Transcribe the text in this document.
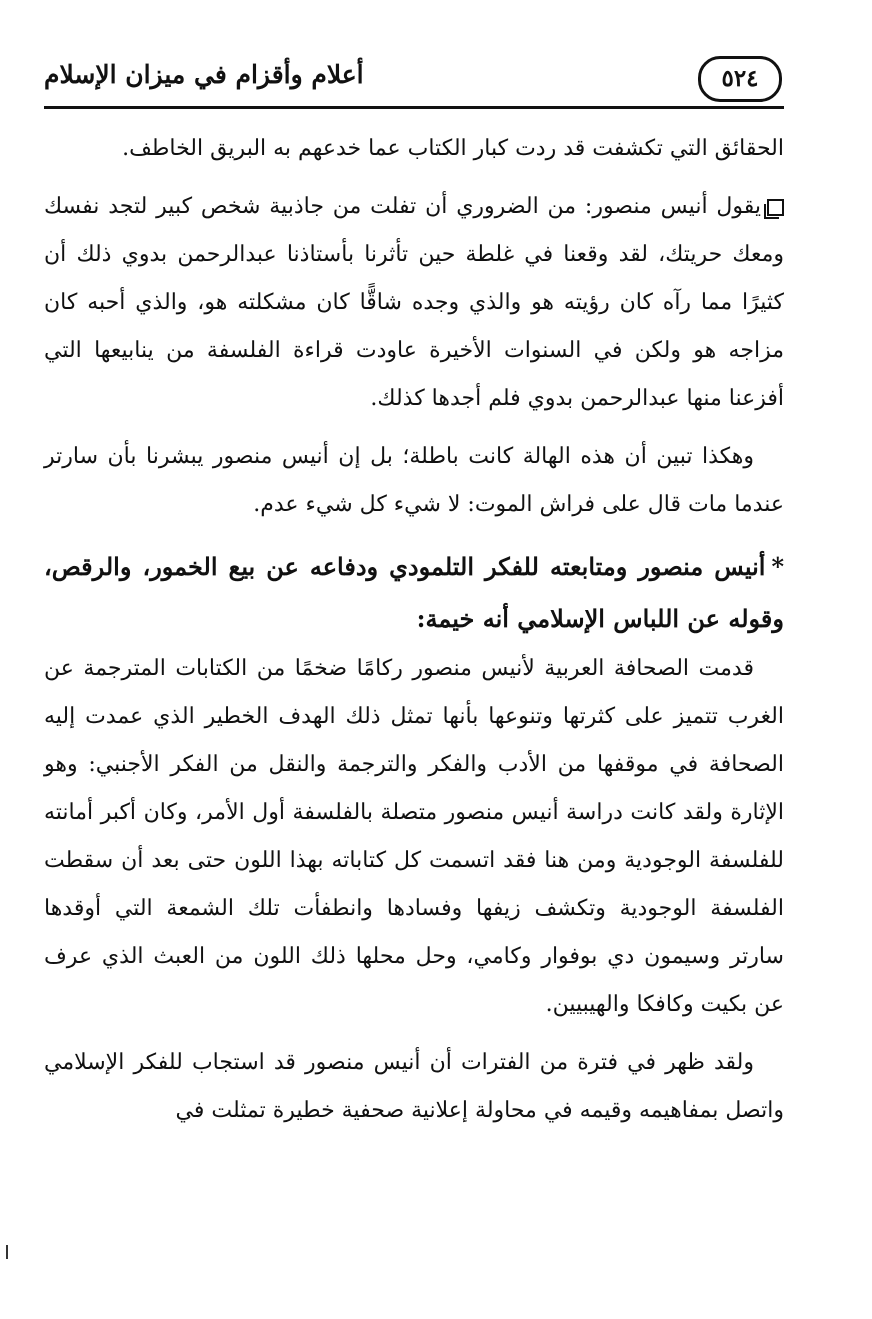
٥٢٤
أعلام وأقزام في ميزان الإسلام

الحقائق التي تكشفت قد ردت كبار الكتاب عما خدعهم به البريق الخاطف.

يقول أنيس منصور: من الضروري أن تفلت من جاذبية شخص كبير لتجد نفسك ومعك حريتك، لقد وقعنا في غلطة حين تأثرنا بأستاذنا عبدالرحمن بدوي ذلك أن كثيرًا مما رآه كان رؤيته هو والذي وجده شاقًّا كان مشكلته هو، والذي أحبه كان مزاجه هو ولكن في السنوات الأخيرة عاودت قراءة الفلسفة من ينابيعها التي أفزعنا منها عبدالرحمن بدوي فلم أجدها كذلك.

وهكذا تبين أن هذه الهالة كانت باطلة؛ بل إن أنيس منصور يبشرنا بأن سارتر عندما مات قال على فراش الموت: لا شيء كل شيء عدم.

*أنيس منصور ومتابعته للفكر التلمودي ودفاعه عن بيع الخمور، والرقص، وقوله عن اللباس الإسلامي أنه خيمة:

قدمت الصحافة العربية لأنيس منصور ركامًا ضخمًا من الكتابات المترجمة عن الغرب تتميز على كثرتها وتنوعها بأنها تمثل ذلك الهدف الخطير الذي عمدت إليه الصحافة في موقفها من الأدب والفكر والترجمة والنقل من الفكر الأجنبي: وهو الإثارة ولقد كانت دراسة أنيس منصور متصلة بالفلسفة أول الأمر، وكان أكبر أمانته للفلسفة الوجودية ومن هنا فقد اتسمت كل كتاباته بهذا اللون حتى بعد أن سقطت الفلسفة الوجودية وتكشف زيفها وفسادها وانطفأت تلك الشمعة التي أوقدها سارتر وسيمون دي بوفوار وكامي، وحل محلها ذلك اللون من العبث الذي عرف عن بكيت وكافكا والهيبيين.

ولقد ظهر في فترة من الفترات أن أنيس منصور قد استجاب للفكر الإسلامي واتصل بمفاهيمه وقيمه في محاولة إعلانية صحفية خطيرة تمثلت في
